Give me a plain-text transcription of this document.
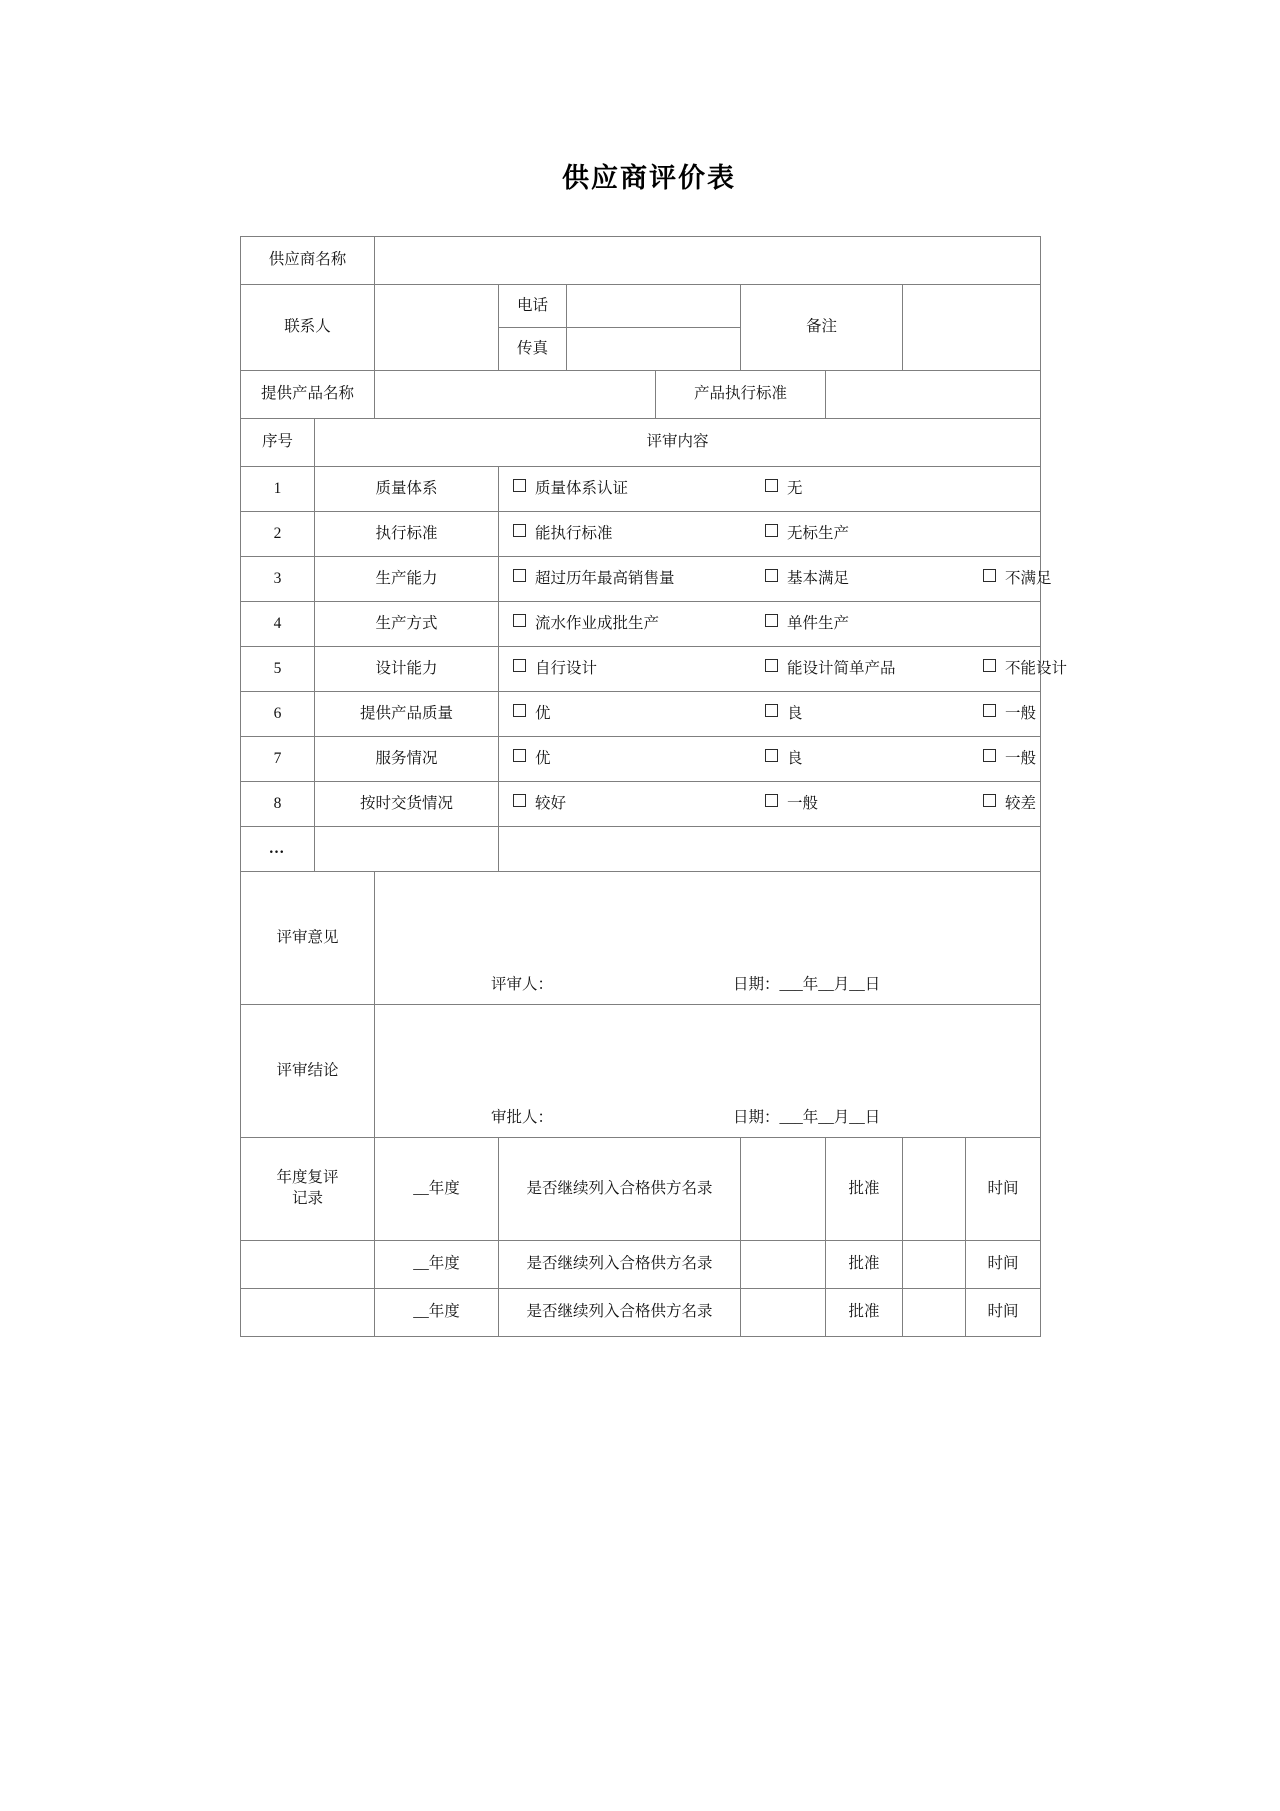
供应商评价表
供应商名称									
联系人			电话			备注			
			传真						
提供产品名称					产品执行标准				
序号	评审内容								
1	质量体系		质量体系认证 无						

2	执行标准		能执行标准 无标生产						

3	生产能力		超过历年最高销售量 基本满足 不满足						

4	生产方式		流水作业成批生产 单件生产						

5	设计能力		自行设计 能设计简单产品 不能设计						

6	提供产品质量		优 良 一般						

7	服务情况		优 良 一般						

8	按时交货情况		较好 一般 较差						

…									
评审意见		评审人： 日期：___年__月__日							

评审结论		审批人： 日期：___年__月__日							

年度复评
记录		__年度	是否继续列入合格供方名录				批准		时间
		__年度	是否继续列入合格供方名录				批准		时间
		__年度	是否继续列入合格供方名录				批准		时间
